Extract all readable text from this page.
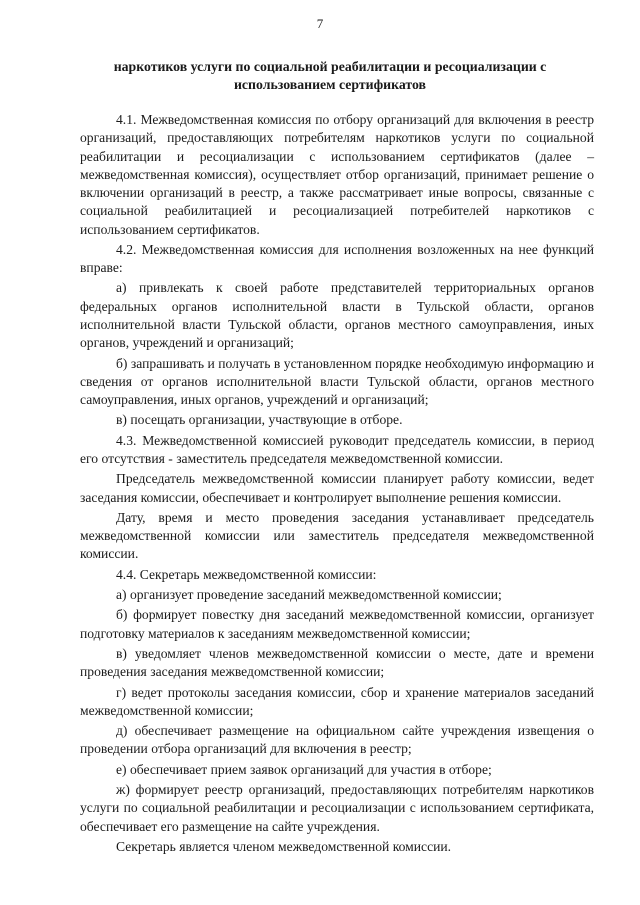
7
наркотиков услуги по социальной реабилитации и ресоциализации с
использованием сертификатов

4.1. Межведомственная комиссия по отбору организаций для включения в реестр организаций, предоставляющих потребителям наркотиков услуги по социальной реабилитации и ресоциализации с использованием сертификатов (далее – межведомственная комиссия), осуществляет отбор организаций, принимает решение о включении организаций в реестр, а также рассматривает иные вопросы, связанные с социальной реабилитацией и ресоциализацией потребителей наркотиков с использованием сертификатов.

4.2. Межведомственная комиссия для исполнения возложенных на нее функций вправе:

а) привлекать к своей работе представителей территориальных органов федеральных органов исполнительной власти в Тульской области, органов исполнительной власти Тульской области, органов местного самоуправления, иных органов, учреждений и организаций;

б) запрашивать и получать в установленном порядке необходимую информацию и сведения от органов исполнительной власти Тульской области, органов местного самоуправления, иных органов, учреждений и организаций;

в) посещать организации, участвующие в отборе.

4.3. Межведомственной комиссией руководит председатель комиссии, в период его отсутствия - заместитель председателя межведомственной комиссии.

Председатель межведомственной комиссии планирует работу комиссии, ведет заседания комиссии, обеспечивает и контролирует выполнение решения комиссии.

Дату, время и место проведения заседания устанавливает председатель межведомственной комиссии или заместитель председателя межведомственной комиссии.

4.4. Секретарь межведомственной комиссии:

а) организует проведение заседаний межведомственной комиссии;

б) формирует повестку дня заседаний межведомственной комиссии, организует подготовку материалов к заседаниям межведомственной комиссии;

в) уведомляет членов межведомственной комиссии о месте, дате и времени проведения заседания межведомственной комиссии;

г) ведет протоколы заседания комиссии, сбор и хранение материалов заседаний межведомственной комиссии;

д) обеспечивает размещение на официальном сайте учреждения извещения о проведении отбора организаций для включения в реестр;

е) обеспечивает прием заявок организаций для участия в отборе;

ж) формирует реестр организаций, предоставляющих потребителям наркотиков услуги по социальной реабилитации и ресоциализации с использованием сертификата, обеспечивает его размещение на сайте учреждения.

Секретарь является членом межведомственной комиссии.
